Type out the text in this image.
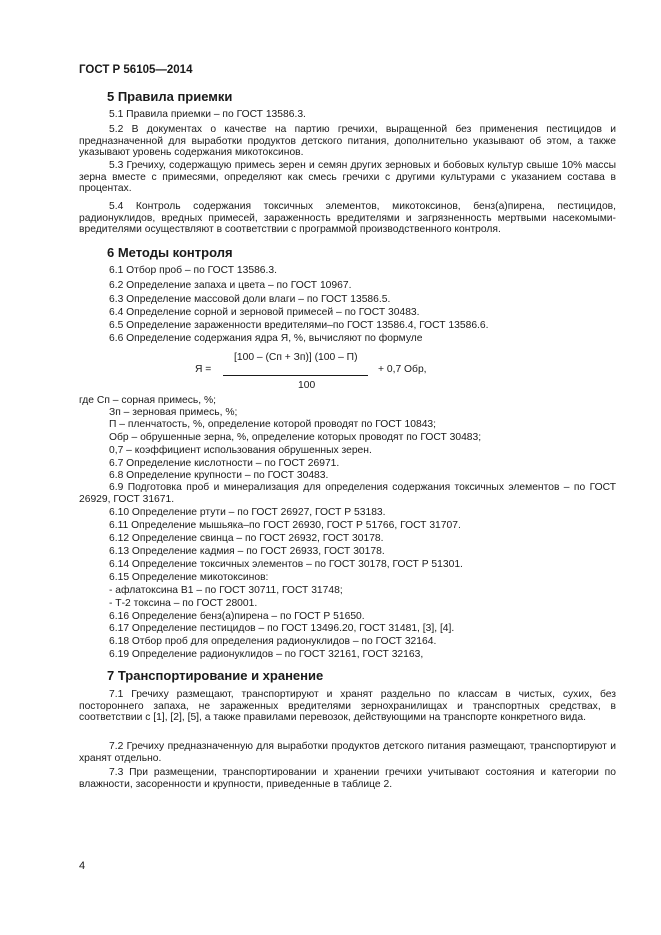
ГОСТ Р 56105—2014
5 Правила приемки
5.1 Правила приемки – по ГОСТ 13586.3.
5.2 В документах о качестве на партию гречихи, выращенной без применения пестицидов и предназначенной для выработки продуктов детского питания, дополнительно указывают об этом, а также указывают уровень содержания микотоксинов.
5.3 Гречиху, содержащую примесь зерен и семян других зерновых и бобовых культур свыше 10% массы зерна вместе с примесями, определяют как смесь гречихи с другими культурами с указанием состава в процентах.
5.4 Контроль содержания токсичных элементов, микотоксинов, бенз(а)пирена, пестицидов, радионуклидов, вредных примесей, зараженность вредителями и загрязненность мертвыми насекомыми-вредителями осуществляют в соответствии с программой производственного контроля.
6 Методы контроля
6.1 Отбор проб – по ГОСТ 13586.3.
6.2 Определение запаха и цвета – по ГОСТ 10967.
6.3 Определение массовой доли влаги – по ГОСТ 13586.5.
6.4 Определение сорной и зерновой примесей – по ГОСТ 30483.
6.5 Определение зараженности вредителями–по ГОСТ 13586.4, ГОСТ 13586.6.
6.6 Определение содержания ядра Я, %, вычисляют по формуле
Я =
[100 – (Сп + Зп)] (100 – П)
100
+ 0,7 Обр,
где Сп – сорная примесь, %;
Зп – зерновая примесь, %;
П – пленчатость, %, определение которой проводят по ГОСТ 10843;
Обр – обрушенные зерна, %, определение которых проводят по ГОСТ 30483;
0,7 – коэффициент использования обрушенных зерен.
6.7 Определение кислотности – по ГОСТ 26971.
6.8 Определение крупности – по ГОСТ 30483.
6.9 Подготовка проб и минерализация для определения содержания токсичных элементов – по ГОСТ 26929, ГОСТ 31671.
6.10 Определение ртути – по ГОСТ 26927, ГОСТ Р 53183.
6.11 Определение мышьяка–по ГОСТ 26930, ГОСТ Р 51766, ГОСТ 31707.
6.12 Определение свинца – по ГОСТ 26932, ГОСТ 30178.
6.13 Определение кадмия – по ГОСТ 26933, ГОСТ 30178.
6.14 Определение токсичных элементов – по ГОСТ 30178, ГОСТ Р 51301.
6.15 Определение микотоксинов:
- афлатоксина В1 – по ГОСТ 30711, ГОСТ 31748;
- Т-2 токсина – по ГОСТ 28001.
6.16 Определение бенз(а)пирена – по ГОСТ Р 51650.
6.17 Определение пестицидов – по ГОСТ 13496.20, ГОСТ 31481, [3], [4].
6.18 Отбор проб для определения радионуклидов – по ГОСТ 32164.
6.19 Определение радионуклидов – по ГОСТ 32161, ГОСТ 32163,
7 Транспортирование и хранение
7.1 Гречиху размещают, транспортируют и хранят раздельно по классам в чистых, сухих, без постороннего запаха, не зараженных вредителями зернохранилищах и транспортных средствах, в соответствии с [1], [2], [5], а также правилами перевозок, действующими на транспорте конкретного вида.
7.2 Гречиху предназначенную для выработки продуктов детского питания размещают, транспортируют и хранят отдельно.
7.3 При размещении, транспортировании и хранении гречихи учитывают состояния и категории по влажности, засоренности и крупности, приведенные в таблице 2.
4
